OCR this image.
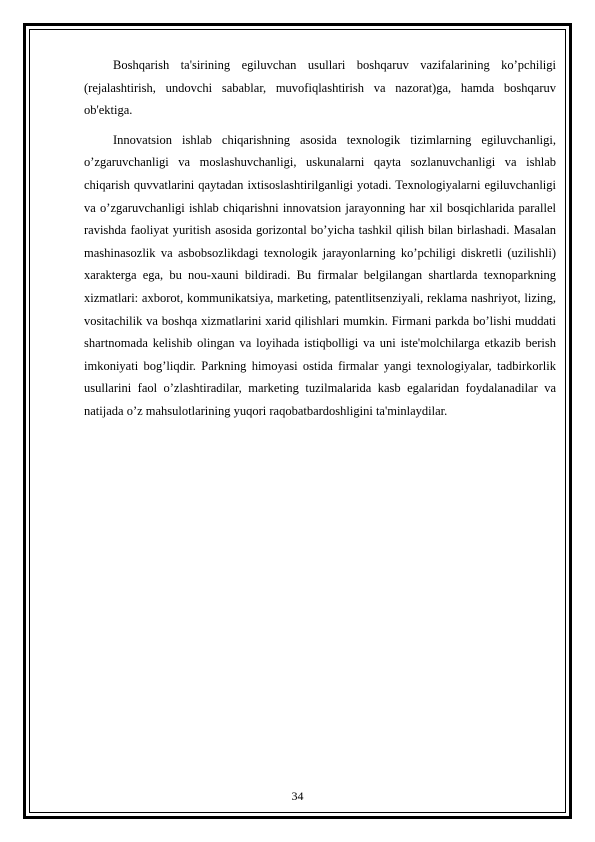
Boshqarish ta'sirining egiluvchan usullari boshqaruv vazifalarining ko’pchiligi (rejalashtirish, undovchi sabablar, muvofiqlashtirish va nazorat)ga, hamda boshqaruv ob'ektiga.

Innovatsion ishlab chiqarishning asosida texnologik tizimlarning egiluvchanligi, o’zgaruvchanligi va moslashuvchanligi, uskunalarni qayta sozlanuvchanligi va ishlab chiqarish quvvatlarini qaytadan ixtisoslashtirilganligi yotadi. Texnologiyalarni egiluvchanligi va o’zgaruvchanligi ishlab chiqarishni innovatsion jarayonning har xil bosqichlarida parallel ravishda faoliyat yuritish asosida gorizontal bo’yicha tashkil qilish bilan birlashadi. Masalan mashinasozlik va asbobsozlikdagi texnologik jarayonlarning ko’pchiligi diskretli (uzilishli) xarakterga ega, bu nou-xauni bildiradi. Bu firmalar belgilangan shartlarda texnoparkning xizmatlari: axborot, kommunikatsiya, marketing, patentlitsenziyali, reklama nashriyot, lizing, vositachilik va boshqa xizmatlarini xarid qilishlari mumkin. Firmani parkda bo’lishi muddati shartnomada kelishib olingan va loyihada istiqbolligi va uni iste'molchilarga etkazib berish imkoniyati bog’liqdir. Parkning himoyasi ostida firmalar yangi texnologiyalar, tadbirkorlik usullarini faol o’zlashtiradilar, marketing tuzilmalarida kasb egalaridan foydalanadilar va natijada o’z mahsulotlarining yuqori raqobatbardoshligini ta'minlaydilar.

34
